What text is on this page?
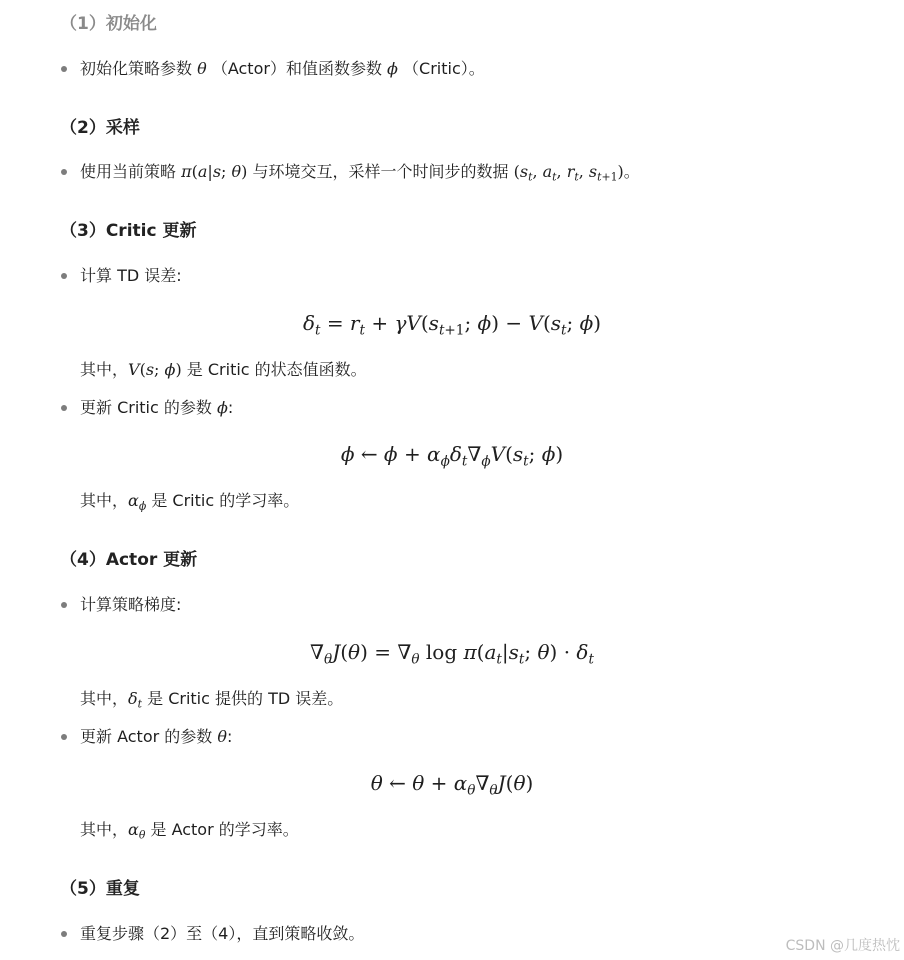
（1）初始化
初始化策略参数 θ （Actor）和值函数参数 ϕ （Critic）。
（2）采样
使用当前策略 π(a|s; θ) 与环境交互，采样一个时间步的数据 ($s_t$, $a_t$, $r_t$, $s_{t+1}$)。
（3）Critic 更新
计算 TD 误差:
$\delta_t = r_t + \gamma V(s_{t+1}$; $\phi) - V(s_t$; ϕ)
其中，V(s; ϕ) 是 Critic 的状态值函数。
更新 Critic 的参数 ϕ:
ϕ ← $\phi + \alpha_\phi\delta_t\nabla_\phi V(s_t$; ϕ)
其中，$\alpha_\phi$ 是 Critic 的学习率。
（4）Actor 更新
计算策略梯度:
$\nabla_\theta J(\theta) = \nabla_\theta$ $\log \pi(a_t|s_t$; $\theta) \cdot \delta_t$
其中，$\delta_t$ 是 Critic 提供的 TD 误差。
更新 Actor 的参数 θ:
θ ← $\theta + \alpha_\theta\nabla_\theta J(\theta)$
其中，$\alpha_\theta$ 是 Actor 的学习率。
（5）重复
重复步骤（2）至（4），直到策略收敛。
CSDN @几度热忱
